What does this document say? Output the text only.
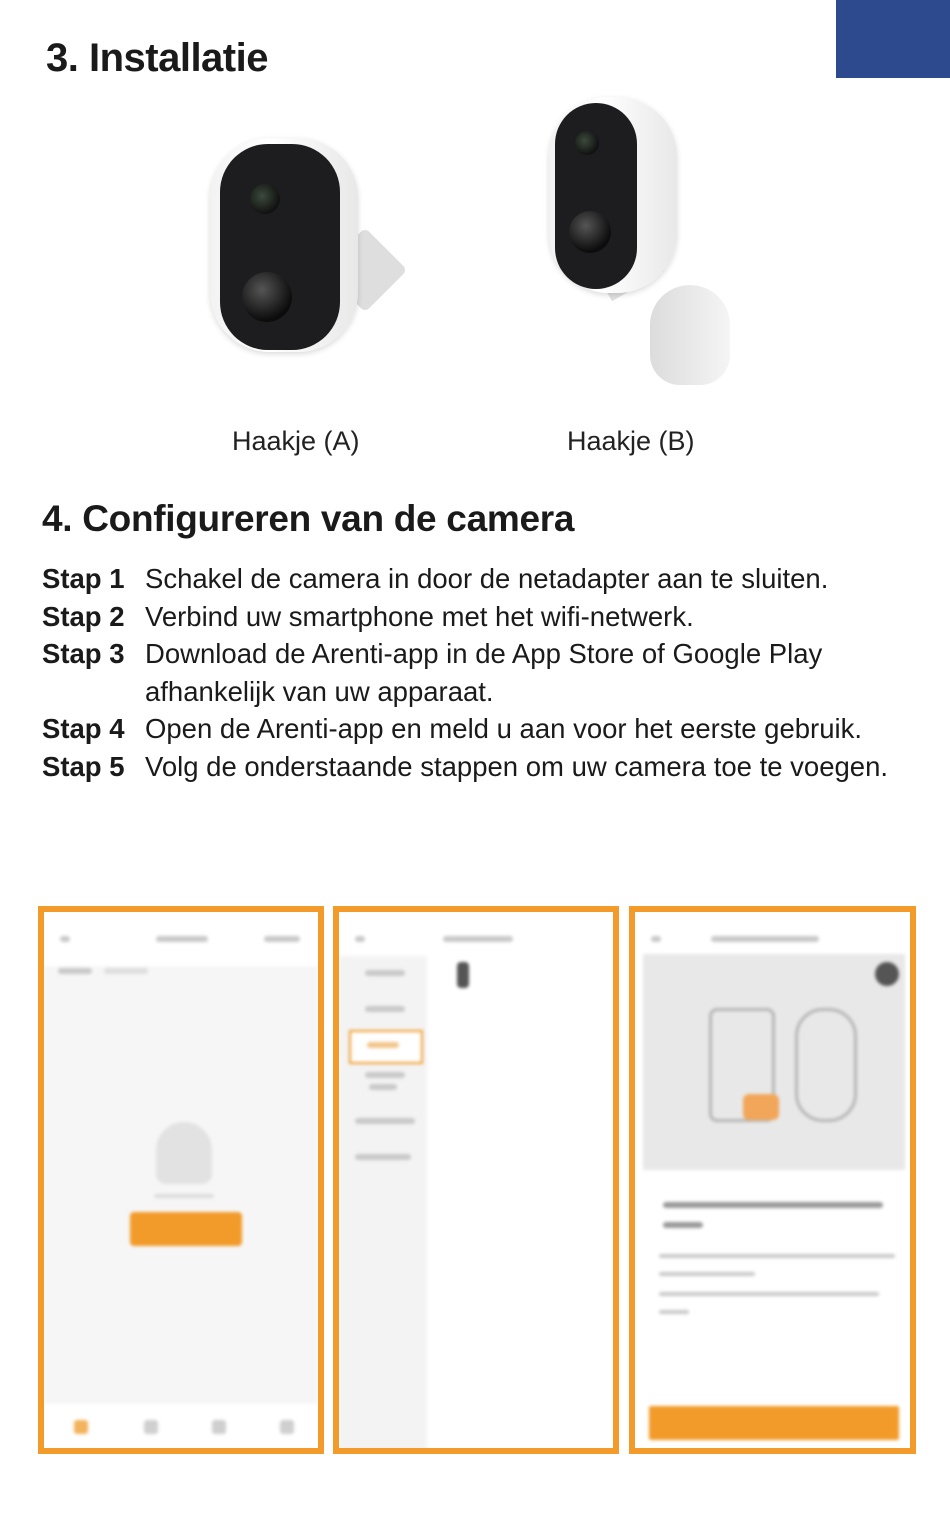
3. Installatie
Haakje (A)	Haakje (B)
4. Configureren van de camera
Stap 1 Schakel de camera in door de netadapter aan te sluiten.
Stap 2 Verbind uw smartphone met het wifi-netwerk.
Stap 3 Download de Arenti-app in de App Store of Google Play afhankelijk van uw apparaat.
Stap 4 Open de Arenti-app en meld u aan voor het eerste gebruik.
Stap 5 Volg de onderstaande stappen om uw camera toe te voegen.
